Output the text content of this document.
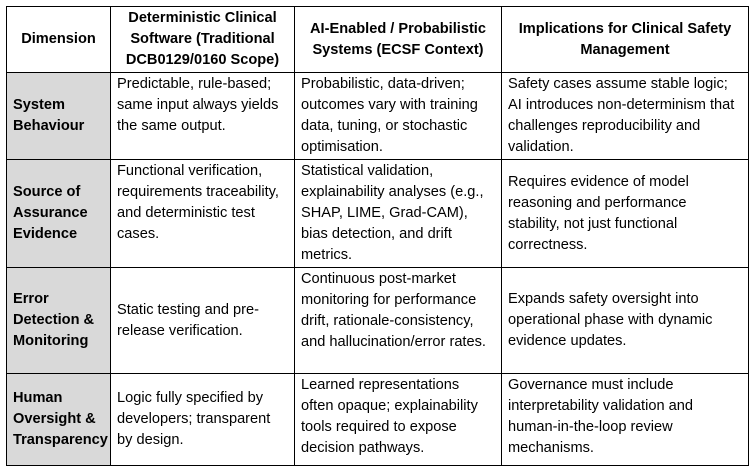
Dimension	Deterministic Clinical Software (Traditional DCB0129/0160 Scope)	AI-Enabled / Probabilistic Systems (ECSF Context)	Implications for Clinical Safety Management
System Behaviour	Predictable, rule-based; same input always yields the same output.	Probabilistic, data-driven; outcomes vary with training data, tuning, or stochastic optimisation.	Safety cases assume stable logic; AI introduces non-determinism that challenges reproducibility and validation.
Source of Assurance Evidence	Functional verification, requirements traceability, and deterministic test cases.	Statistical validation, explainability analyses (e.g., SHAP, LIME, Grad-CAM), bias detection, and drift metrics.	Requires evidence of model reasoning and performance stability, not just functional correctness.
Error Detection & Monitoring	Static testing and pre-release verification.	Continuous post-market monitoring for performance drift, rationale-consistency, and hallucination/error rates.	Expands safety oversight into operational phase with dynamic evidence updates.
Human Oversight & Transparency	Logic fully specified by developers; transparent by design.	Learned representations often opaque; explainability tools required to expose decision pathways.	Governance must include interpretability validation and human-in-the-loop review mechanisms.
